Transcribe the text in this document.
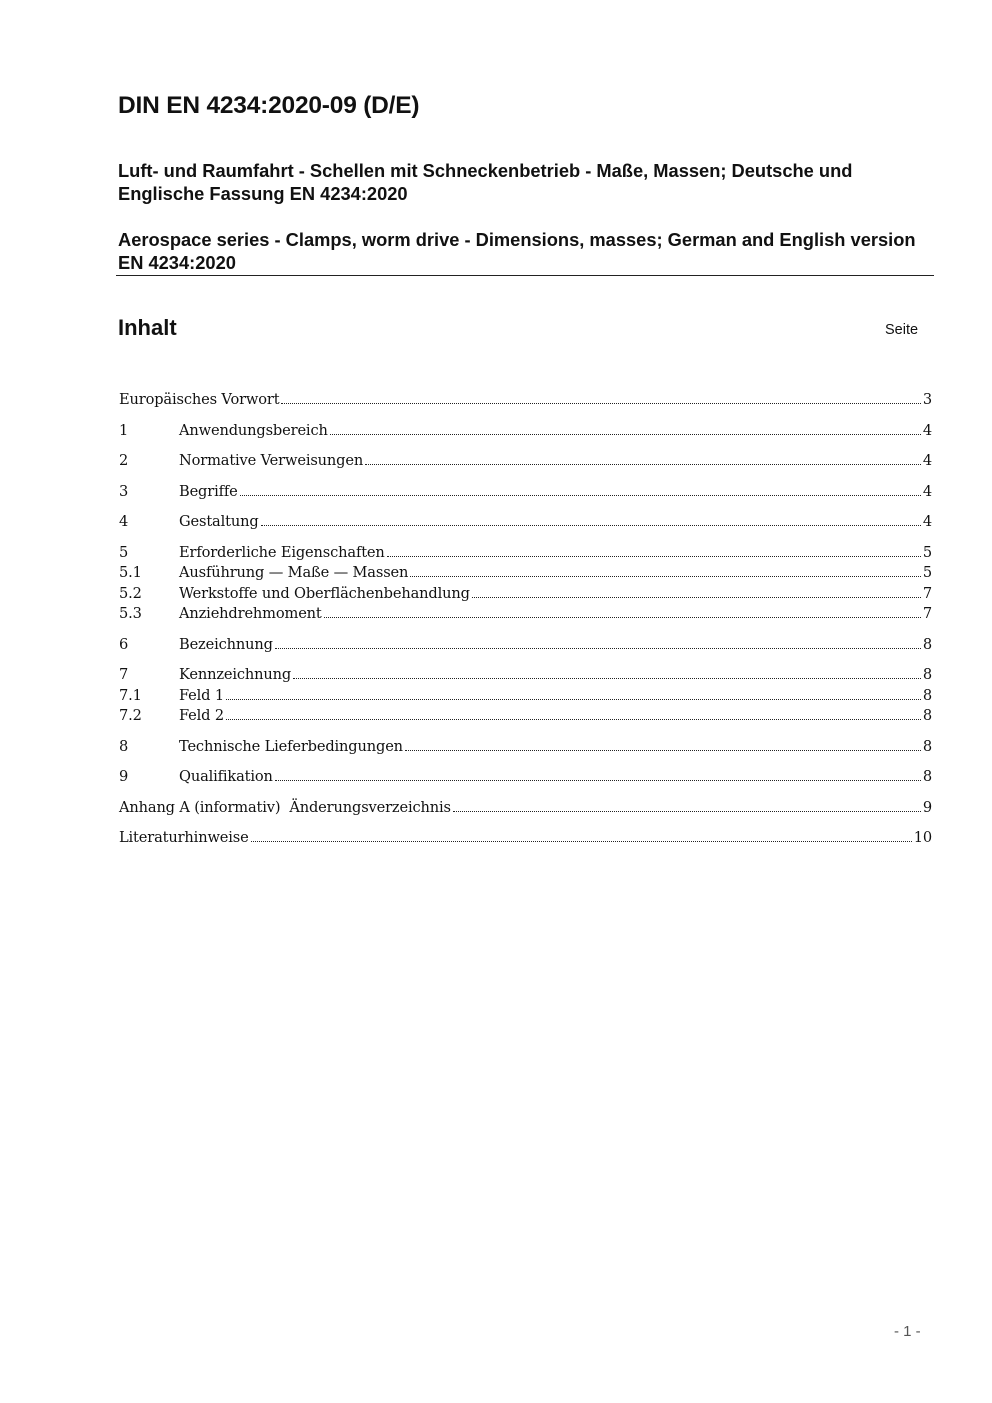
DIN EN 4234:2020-09 (D/E)

Luft- und Raumfahrt - Schellen mit Schneckenbetrieb - Maße, Massen; Deutsche und Englische Fassung EN 4234:2020

Aerospace series - Clamps, worm drive - Dimensions, masses; German and English version EN 4234:2020

Inhalt	Seite
Europäisches Vorwort	3
1	Anwendungsbereich	4
2	Normative Verweisungen	4
3	Begriffe	4
4	Gestaltung	4
5	Erforderliche Eigenschaften	5
5.1	Ausführung — Maße — Massen	5
5.2	Werkstoffe und Oberflächenbehandlung	7
5.3	Anziehdrehmoment	7
6	Bezeichnung	8
7	Kennzeichnung	8
7.1	Feld 1	8
7.2	Feld 2	8
8	Technische Lieferbedingungen	8
9	Qualifikation	8
Anhang A (informativ)  Änderungsverzeichnis	9
Literaturhinweise	10
- 1 -
